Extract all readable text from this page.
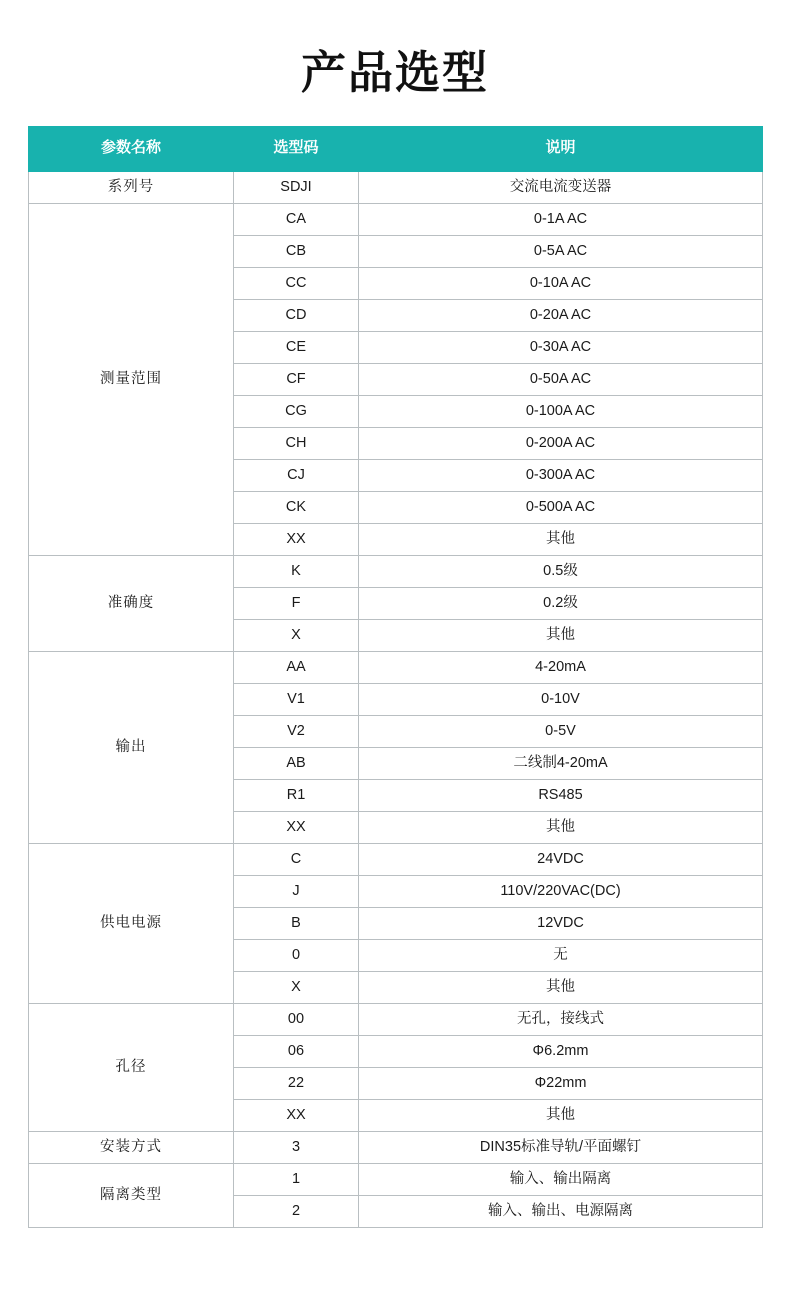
产品选型
参数名称	选型码	说明
系列号	SDJI	交流电流变送器
测量范围	CA	0-1A AC
	CB	0-5A AC
	CC	0-10A AC
	CD	0-20A AC
	CE	0-30A AC
	CF	0-50A AC
	CG	0-100A AC
	CH	0-200A AC
	CJ	0-300A AC
	CK	0-500A AC
	XX	其他
准确度	K	0.5级
	F	0.2级
	X	其他
输出	AA	4-20mA
	V1	0-10V
	V2	0-5V
	AB	二线制4-20mA
	R1	RS485
	XX	其他
供电电源	C	24VDC
	J	110V/220VAC(DC)
	B	12VDC
	0	无
	X	其他
孔径	00	无孔，接线式
	06	Φ6.2mm
	22	Φ22mm
	XX	其他
安装方式	3	DIN35标准导轨/平面螺钉
隔离类型	1	输入、输出隔离
	2	输入、输出、电源隔离
